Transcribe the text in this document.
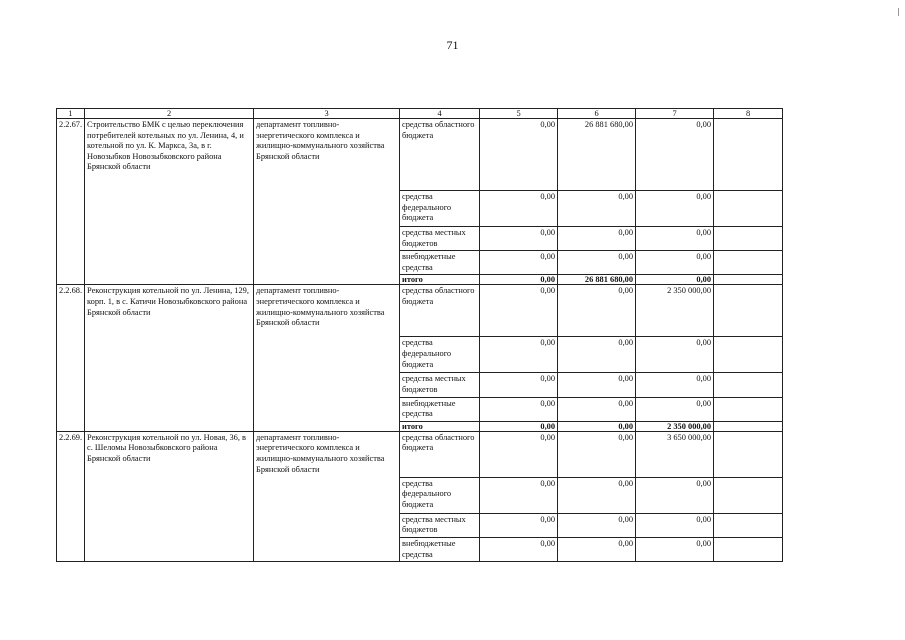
71
1	2	3	4	5	6	7	8
2.2.67.	Строительство БМК с целью переключения потребителей котельных по ул. Ленина, 4, и котельной по ул. К. Маркса, 3а, в г. Новозыбков Новозыбковского района Брянской области	департамент топливно-энергетического комплекса и жилищно-коммунального хозяйства Брянской области	средства областного бюджета	0,00	26 881 680,00	0,00	
			средства федерального бюджета	0,00	0,00	0,00	
			средства местных бюджетов	0,00	0,00	0,00	
			внебюджетные средства	0,00	0,00	0,00	
			итого	0,00	26 881 680,00	0,00	
2.2.68.	Реконструкция котельной по ул. Ленина, 129, корп. 1, в с. Катичи Новозыбковского района Брянской области	департамент топливно-энергетического комплекса и жилищно-коммунального хозяйства Брянской области	средства областного бюджета	0,00	0,00	2 350 000,00	
			средства федерального бюджета	0,00	0,00	0,00	
			средства местных бюджетов	0,00	0,00	0,00	
			внебюджетные средства	0,00	0,00	0,00	
			итого	0,00	0,00	2 350 000,00	
2.2.69.	Реконструкция котельной по ул. Новая, 36, в с. Шеломы Новозыбковского района Брянской области	департамент топливно-энергетического комплекса и жилищно-коммунального хозяйства Брянской области	средства областного бюджета	0,00	0,00	3 650 000,00	
			средства федерального бюджета	0,00	0,00	0,00	
			средства местных бюджетов	0,00	0,00	0,00	
			внебюджетные средства	0,00	0,00	0,00	
